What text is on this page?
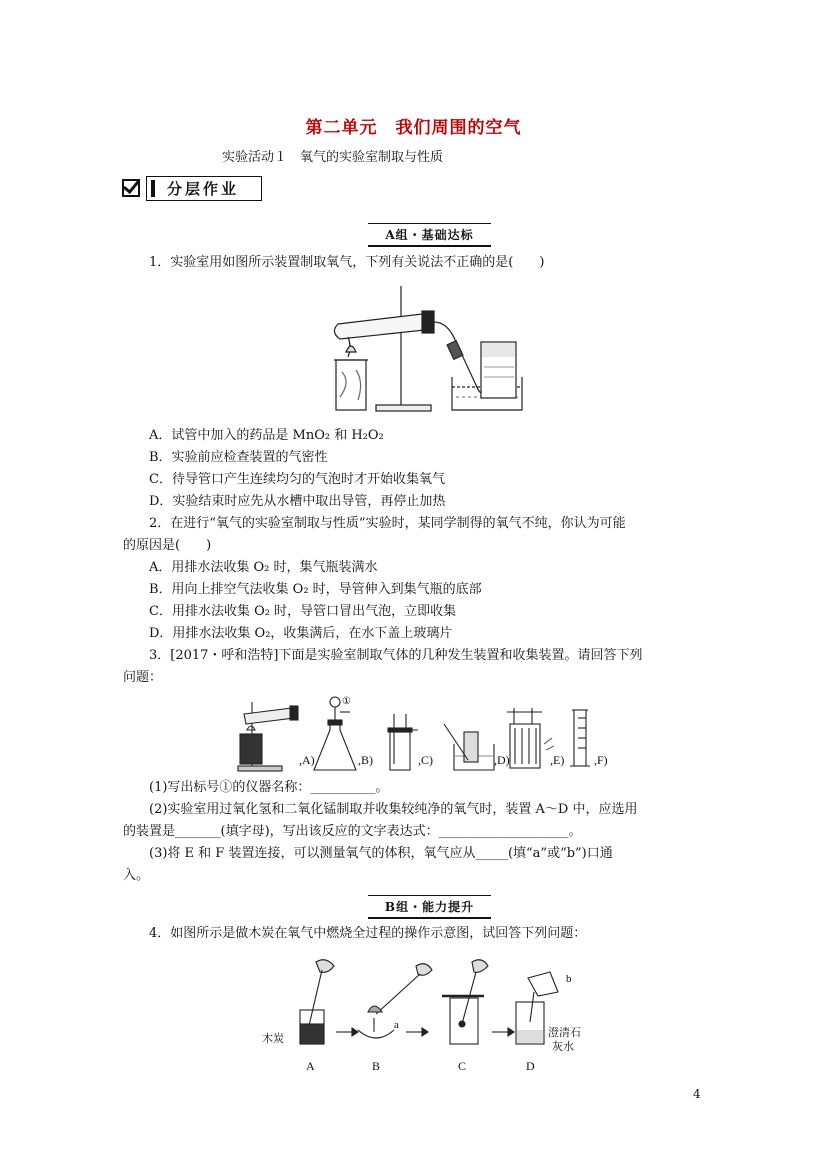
第二单元　我们周围的空气
实验活动１　氧气的实验室制取与性质
分层作业
A组・基础达标
1．实验室用如图所示装置制取氧气，下列有关说法不正确的是(　　)
A．试管中加入的药品是 MnO₂ 和 H₂O₂
B．实验前应检查装置的气密性
C．待导管口产生连续均匀的气泡时才开始收集氧气
D．实验结束时应先从水槽中取出导管，再停止加热
2．在进行“氧气的实验室制取与性质”实验时，某同学制得的氧气不纯，你认为可能
的原因是(　　)
A．用排水法收集 O₂ 时，集气瓶装满水
B．用向上排空气法收集 O₂ 时，导管伸入到集气瓶的底部
C．用排水法收集 O₂ 时，导管口冒出气泡，立即收集
D．用排水法收集 O₂，收集满后，在水下盖上玻璃片
3．[2017・呼和浩特]下面是实验室制取气体的几种发生装置和收集装置。请回答下列
问题：
①
,A)	,B)	,C)	,D)	,E) ,F)
(1)写出标号①的仪器名称：__________。
(2)实验室用过氧化氢和二氧化锰制取并收集较纯净的氧气时，装置 A～D 中，应选用
的装置是_______(填字母)，写出该反应的文字表达式：____________________。
(3)将 E 和 F 装置连接，可以测量氧气的体积，氧气应从_____(填“a”或“b”)口通
入。
B组・能力提升
4．如图所示是做木炭在氧气中燃烧全过程的操作示意图，试回答下列问题：
木炭
a
b
澄清石
灰水
A	B	C	D
4
